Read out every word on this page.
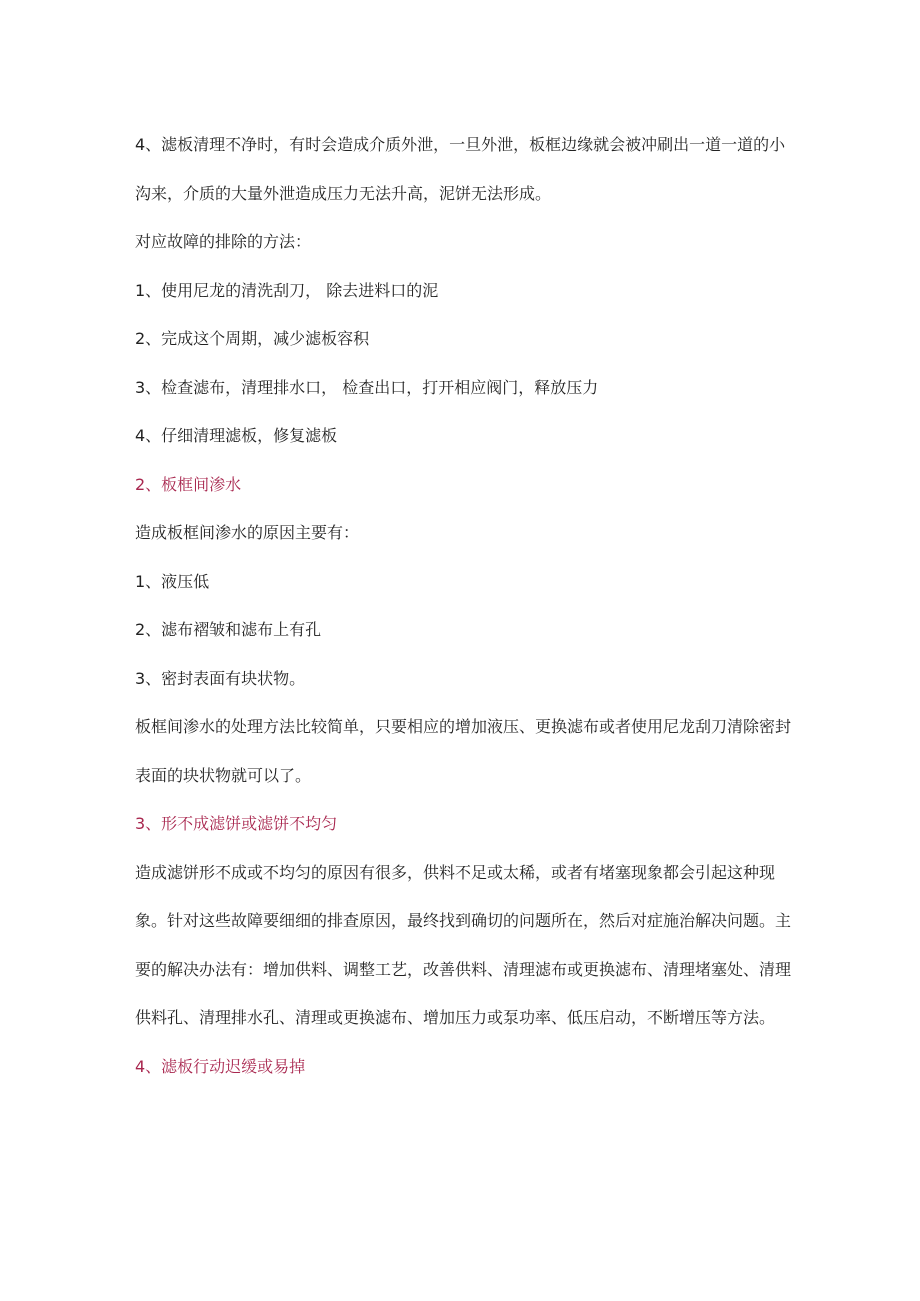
4、滤板清理不净时，有时会造成介质外泄，一旦外泄，板框边缘就会被冲刷出一道一道的小沟来，介质的大量外泄造成压力无法升高，泥饼无法形成。

对应故障的排除的方法：

1、使用尼龙的清洗刮刀， 除去进料口的泥

2、完成这个周期，减少滤板容积

3、检查滤布，清理排水口， 检查出口，打开相应阀门，释放压力

4、仔细清理滤板，修复滤板

2、板框间渗水

造成板框间渗水的原因主要有：

1、液压低

2、滤布褶皱和滤布上有孔

3、密封表面有块状物。

板框间渗水的处理方法比较简单，只要相应的增加液压、更换滤布或者使用尼龙刮刀清除密封表面的块状物就可以了。

3、形不成滤饼或滤饼不均匀

造成滤饼形不成或不均匀的原因有很多，供料不足或太稀，或者有堵塞现象都会引起这种现象。针对这些故障要细细的排查原因，最终找到确切的问题所在，然后对症施治解决问题。主要的解决办法有：增加供料、调整工艺，改善供料、清理滤布或更换滤布、清理堵塞处、清理供料孔、清理排水孔、清理或更换滤布、增加压力或泵功率、低压启动，不断增压等方法。

4、滤板行动迟缓或易掉
